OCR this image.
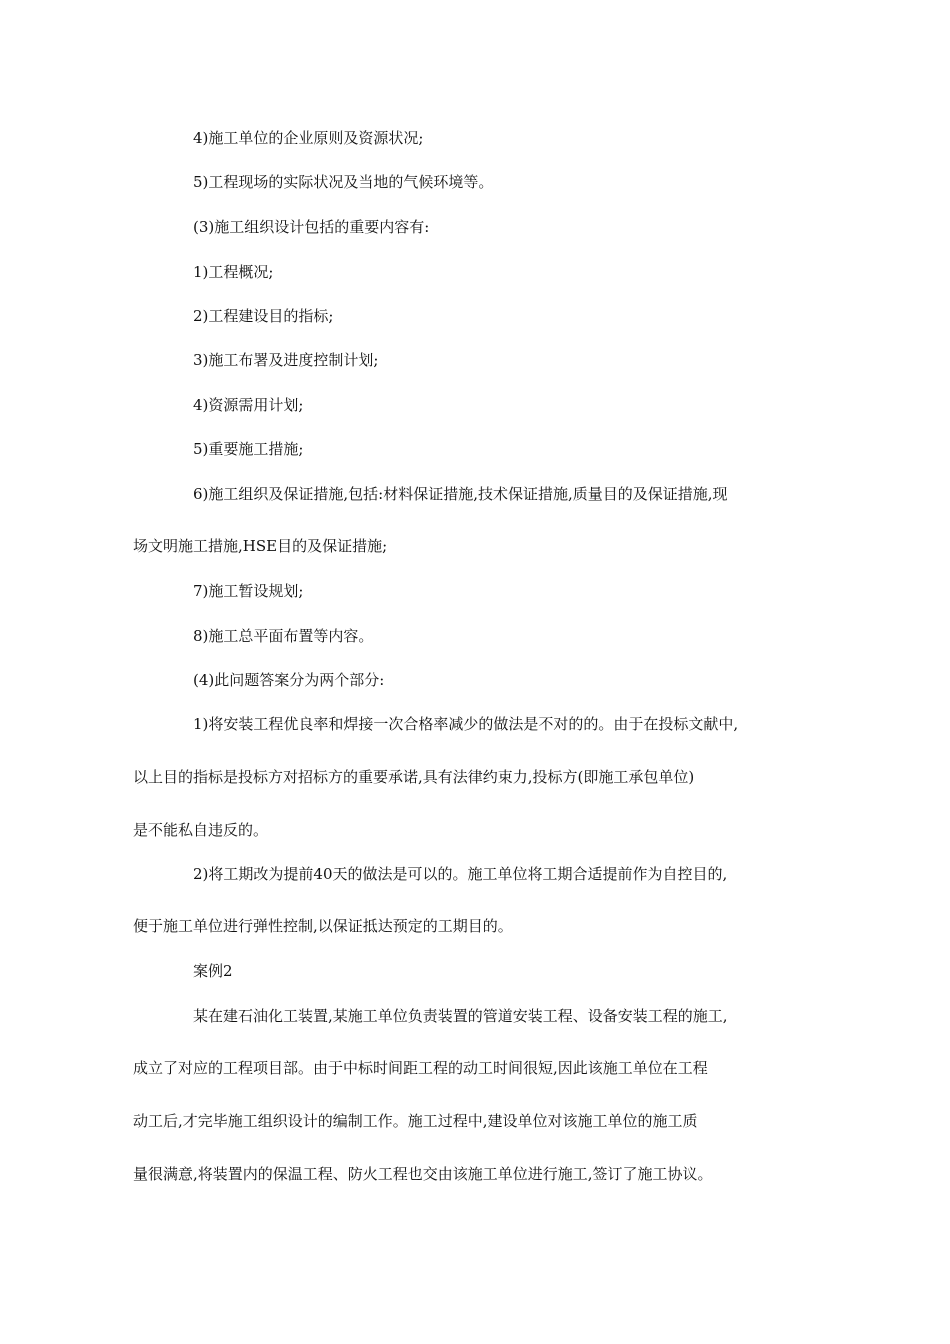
4)施工单位的企业原则及资源状况;
5)工程现场的实际状况及当地的气候环境等。
(3)施工组织设计包括的重要内容有:
1)工程概况;
2)工程建设目的指标;
3)施工布署及进度控制计划;
4)资源需用计划;
5)重要施工措施;
6)施工组织及保证措施,包括:材料保证措施,技术保证措施,质量目的及保证措施,现
场文明施工措施,HSE目的及保证措施;
7)施工暂设规划;
8)施工总平面布置等内容。
(4)此问题答案分为两个部分:
1)将安装工程优良率和焊接一次合格率减少的做法是不对的的。由于在投标文献中,
以上目的指标是投标方对招标方的重要承诺,具有法律约束力,投标方(即施工承包单位)
是不能私自违反的。
2)将工期改为提前40天的做法是可以的。施工单位将工期合适提前作为自控目的,
便于施工单位进行弹性控制,以保证抵达预定的工期目的。
案例2
某在建石油化工装置,某施工单位负责装置的管道安装工程、设备安装工程的施工,
成立了对应的工程项目部。由于中标时间距工程的动工时间很短,因此该施工单位在工程
动工后,才完毕施工组织设计的编制工作。施工过程中,建设单位对该施工单位的施工质
量很满意,将装置内的保温工程、防火工程也交由该施工单位进行施工,签订了施工协议。
